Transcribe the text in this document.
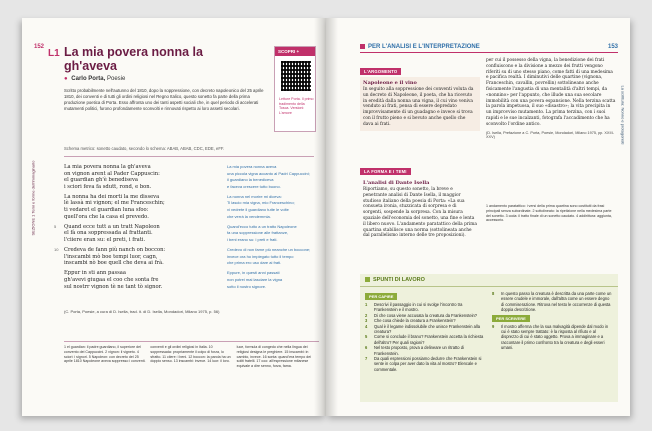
152
SEZIONE 1 Temi e forme dell'immaginario
L1 La mia povera nonna la gh'aveva
● Carlo Porta, Poesie
Scritto probabilmente nell'autunno del 1810, dopo la soppressione, con decreto napoleonico del 25 aprile 1810, dei conventi e di tutti gli ordini religiosi nel Regno Italico, questo sonetto fa parte della prima produzione poetica di Porta. Esso affronta uno dei tanti aspetti sociali che, in quel periodo di accelerati mutamenti politici, furono profondamente sconvolti e rinnovati rispetto ai loro assetti secolari.
Schema metrico: sonetto caudato, secondo lo schema: ABAB, ABAB, CDC, EDE, eFF.
SCOPRI +
Letture Porta. Il primo tradimento della Tosca. Versioni: L'amore
La mia povera nonna la gh'aveva
on vignon arent al Pader Cappuscin:
el guardian gh'è benediseva
i sciori feva fa sdutt, rond, e bon.
La nonna ha dei morti la me disseva
lè lassà mi vignon; el me Franceschin;
ti vedaret el guardian luna sfoo:
quell'ora che la casa el prevedo.
5 Quand ecce tutt a un tratt Napoleon
el fà ona soppressada al frattanti.
l'ciiere eran su: el preti, i frati.
10 Credeva de fann più nanch on boccon:
l'inscambi mò boe tempi luor, cagn,
inscambi nò boe quell che deva ai frà.
Eppur in sti ann passaa
gh'avevi giugaa el coo che sonta fre
sul nostrr vignon tè ne tant tò signor.
La mia povera nonna aveva
una piccola vigna accanto al Padri Cappuccini;
il guardiano la benediceva
e faceva crescere tutto buono.
La nonna nel morire mi diceva:
Ti lascio mia vigna, mio Franceschino;
vi vedrete il guardiano tutte le volte
che verrà la vendemmia.
Quand'ecco tutto a un tratto Napoleone
fa una soppressione alle frattanze,
i beni erano su: i preti e frati.
Credevo di non farne più neanche un boccone;
invece ora ho impiegato tutto il tempo
che prima ero uso dare ai frati.
Eppure, in questi anni passati
non potrei mai lasciare la vigna
sotto il nostro signore.
(C. Porta, Poesie, a cura di D. Isella, trad. it. di D. Isella, Mondadori, Milano 1975, p. 56)
1 el guardian: il padre guardiano, il superiore del convento dei Cappuccini. 2 vignon: il vigneto. 4 sciori: i signori. 5 Napoleon: con decreto del 25 aprile 1810 Napoleone aveva soppresso i conventi.
conventi e gli ordini religiosi in Italia. 10 soppressada: propriamente il colpo di forza, lo sfratto. 11 ciiere: i beni. 12 boccon: la parola ha un doppio senso. 13 inscambi: invece. 14 luor: il loro.
luce, formula di congedo che nella lingua dei religiosi designa le preghiere. 15 inscambi: in cambio, invece. 16 sonta: quand'era tempo dei soliti fratelli. 17 coo: all'espressione milanese equivale a dire senno, forza, fama.
153
La scrittura: Nonno e protagonisti
PER L'ANALISI E L'INTERPRETAZIONE
L'ARGOMENTO
Napoleone e il vino

In seguito alla soppressione dei conventi voluta da un decreto di Napoleone, il poeta, che ha ricevuto in eredità dalla nonna una vigna, il cui vino veniva venduto ai frati, pensa di essere depredato improvvisamente di un guadagno e invece si trova con il frutto pieno e si bevuto anche quello che dava ai frati.

LA FORMA E I TEMI
L'analisi di Dante Isella

Riportiamo, su questo sonetto, la breve e penetrante analisi di Dante Isella, il maggior studioso italiano della poesia di Porta: «La sua consueta ironia, stuzzicata di sorpresa e di sorgenti, sospende la sorpresa. Con la misura spaziale dell'economia del sonetto, una fine e lenta il libero nuovo. L'andamento paratattico della prima quartina stabilisce una norma (sottolineata anche dal parallelismo interno delle tre proposizioni).

per cui il possesso della vigna, la benedizione dei frati confluiscono e la divisione a mezzo dei frutti vengono riferiti su di uno stesso piano, come fatti di una medesima e pacifica realtà. I diminutivi delle quartine (vignona, Franceschin, cavallin, povrellin) sottolineano anche fisicamente l'angustia di una mentalità d'altri tempi, da «nonnino» per l'appunto, che illude una sua secolare immobilità con una povera espansione. Nella terzina scatta la parola impetuosa, il suo «disastro»; la vita precipita in un improvviso mutamento. La prima terzina, con i suoi rapidi e le sue incalzanti, fotografa l'accadimento che ha sconvolto l'ordine antico.

(D. Isella, Prefazione a C. Porta, Poesie, Mondadori, Milano 1975, pp. XXIII-XXV)

1 andamento paratattico: i versi della prima quartina sono costituiti da frasi principali senza subordinate. 2 sottolineato: la ripetizione nella medesima parte del sonetto. 3 coda: il tratto finale di un sonetto caudato. 4 addirittura: aggiunta, accessorio.
SPUNTI DI LAVORO
PER CAPIRE
1	Descrivi il passaggio in cui si svolge l'incontro tra Frankenstein e il mostro.
2	Di che cosa viene accusata la creatura da Frankenstein?
3	Che cosa chiede la creatura a Frankenstein?
4	Qual è il legame indissolubile che unisce Frankenstein alla creatura?
5	Come si conclude il brano? Frankenstein accetta la richiesta dell'altro? Per quali ragioni?
6	Nel testo proposto, prova a delineare un ritratto di Frankenstein.
7	Da quali espressioni possiamo dedurre che Frankenstein si sente in colpa per aver dato la vita al mostro? Elencale e commentale.
8	In questo passo la creatura è descritta da una parte come un essere crudele e immorale, dall'altra come un essere degno di commiserazione. Ritrova nel testo le occorrenze di questa doppia descrizione.
PER SCRIVERE
9	Il mostro afferma che la sua malvagità dipende dal modo in cui è stato sempre trattato: è la risposta al rifiuto e al disprezzo di cui è stato oggetto. Prova a immaginare e a raccontare il primo confronto tra la creatura e degli esseri umani.
